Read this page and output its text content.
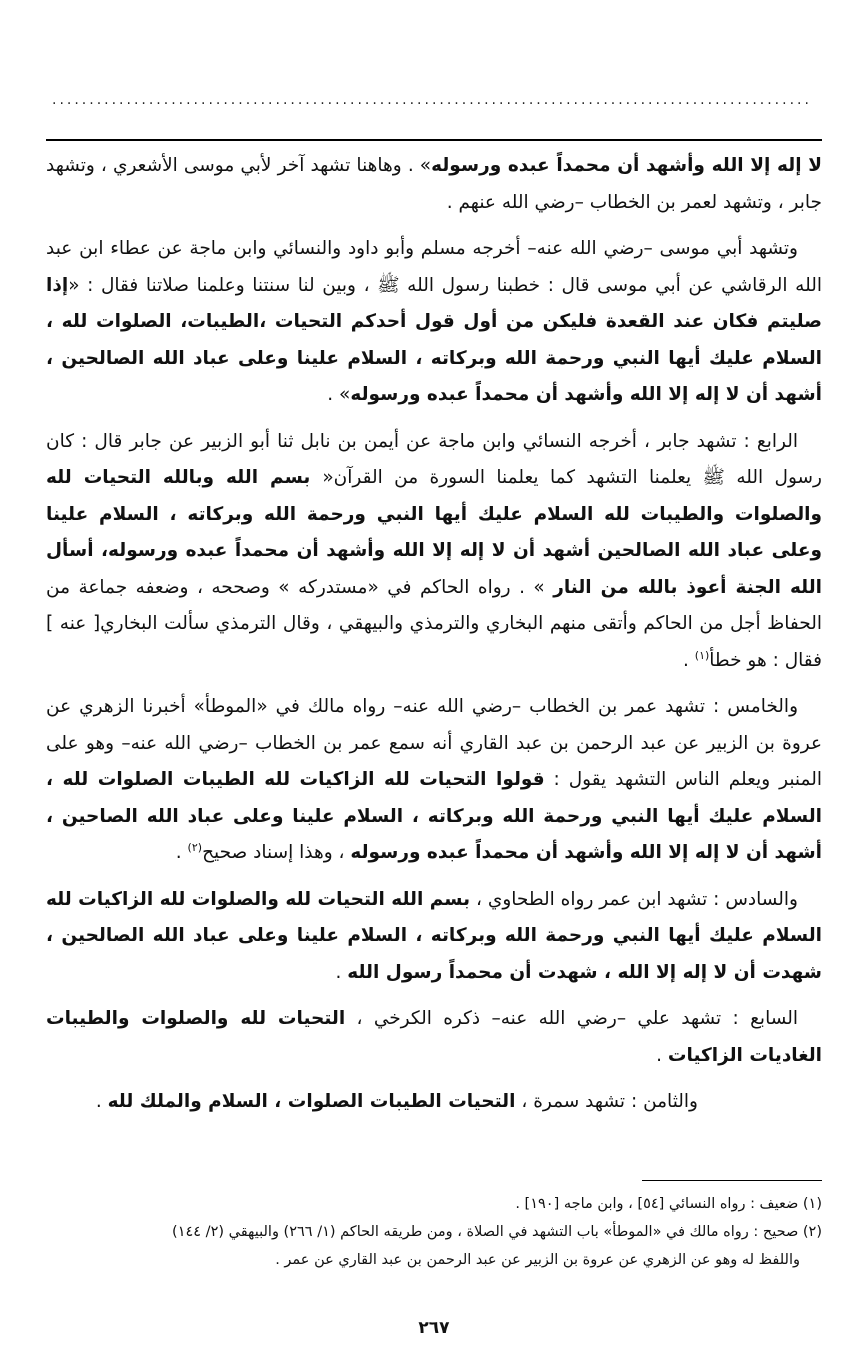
......................................................................................................

لا إله إلا الله وأشهد أن محمداً عبده ورسوله» . وهاهنا تشهد آخر لأبي موسى الأشعري ، وتشهد جابر ، وتشهد لعمر بن الخطاب –رضي الله عنهم .

وتشهد أبي موسى –رضي الله عنه– أخرجه مسلم وأبو داود والنسائي وابن ماجة عن عطاء ابن عبد الله الرقاشي عن أبي موسى قال : خطبنا رسول الله ﷺ ، وبين لنا سنتنا وعلمنا صلاتنا فقال : «إذا صليتم فكان عند القعدة فليكن من أول قول أحدكم التحيات ،الطيبات، الصلوات لله ، السلام عليك أيها النبي ورحمة الله وبركاته ، السلام علينا وعلى عباد الله الصالحين ، أشهد أن لا إله إلا الله وأشهد أن محمداً عبده ورسوله» .

الرابع : تشهد جابر ، أخرجه النسائي وابن ماجة عن أيمن بن نابل ثنا أبو الزبير عن جابر قال : كان رسول الله ﷺ يعلمنا التشهد كما يعلمنا السورة من القرآن« بسم الله وبالله التحيات لله والصلوات والطيبات لله السلام عليك أيها النبي ورحمة الله وبركاته ، السلام علينا وعلى عباد الله الصالحين أشهد أن لا إله إلا الله وأشهد أن محمداً عبده ورسوله، أسأل الله الجنة أعوذ بالله من النار » . رواه الحاكم في «مستدركه » وصححه ، وضعفه جماعة من الحفاظ أجل من الحاكم وأتقى منهم البخاري والترمذي والبيهقي ، وقال الترمذي سألت البخاري[ عنه ] فقال : هو خطأ$^{(١)}$ .

والخامس : تشهد عمر بن الخطاب –رضي الله عنه– رواه مالك في «الموطأ» أخبرنا الزهري عن عروة بن الزبير عن عبد الرحمن بن عبد القاري أنه سمع عمر بن الخطاب –رضي الله عنه– وهو على المنبر ويعلم الناس التشهد يقول : قولوا التحيات لله الزاكيات لله الطيبات الصلوات لله ، السلام عليك أيها النبي ورحمة الله وبركاته ، السلام علينا وعلى عباد الله الصاحين ، أشهد أن لا إله إلا الله وأشهد أن محمداً عبده ورسوله ، وهذا إسناد صحيح$^{(٢)}$ .

والسادس : تشهد ابن عمر رواه الطحاوي ، بسم الله التحيات لله والصلوات لله الزاكيات لله السلام عليك أيها النبي ورحمة الله وبركاته ، السلام علينا وعلى عباد الله الصالحين ، شهدت أن لا إله إلا الله ، شهدت أن محمداً رسول الله .

السابع : تشهد علي –رضي الله عنه– ذكره الكرخي ، التحيات لله والصلوات والطيبات الغاديات الزاكيات .

والثامن : تشهد سمرة ، التحيات الطيبات الصلوات ، السلام والملك لله .

(١) ضعيف : رواه النسائي [٥٤] ، وابن ماجه [١٩٠] .

(٢) صحيح : رواه مالك في «الموطأ» باب التشهد في الصلاة ، ومن طريقه الحاكم (١/ ٢٦٦) والبيهقي (٢/ ١٤٤)

واللفظ له وهو عن الزهري عن عروة بن الزبير عن عبد الرحمن بن عبد القاري عن عمر .

٢٦٧
